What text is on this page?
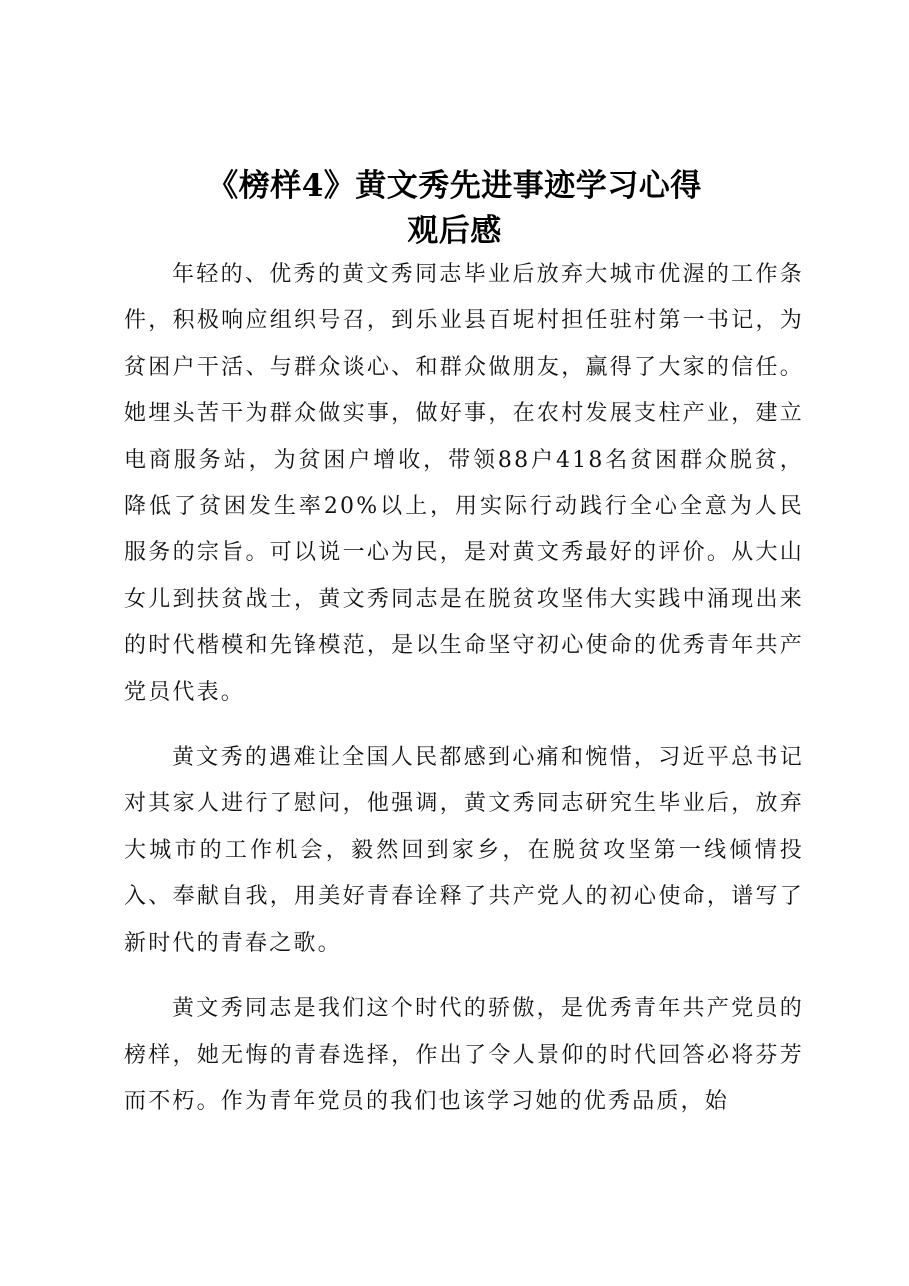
《榜样4》黄文秀先进事迹学习心得
观后感

年轻的、优秀的黄文秀同志毕业后放弃大城市优渥的工作条件，积极响应组织号召，到乐业县百坭村担任驻村第一书记，为贫困户干活、与群众谈心、和群众做朋友，赢得了大家的信任。她埋头苦干为群众做实事，做好事，在农村发展支柱产业，建立电商服务站，为贫困户增收，带领88户418名贫困群众脱贫，降低了贫困发生率20%以上，用实际行动践行全心全意为人民服务的宗旨。可以说一心为民，是对黄文秀最好的评价。从大山女儿到扶贫战士，黄文秀同志是在脱贫攻坚伟大实践中涌现出来的时代楷模和先锋模范，是以生命坚守初心使命的优秀青年共产党员代表。

黄文秀的遇难让全国人民都感到心痛和惋惜，习近平总书记对其家人进行了慰问，他强调，黄文秀同志研究生毕业后，放弃大城市的工作机会，毅然回到家乡，在脱贫攻坚第一线倾情投入、奉献自我，用美好青春诠释了共产党人的初心使命，谱写了新时代的青春之歌。

黄文秀同志是我们这个时代的骄傲，是优秀青年共产党员的榜样，她无悔的青春选择，作出了令人景仰的时代回答必将芬芳而不朽。作为青年党员的我们也该学习她的优秀品质，始
